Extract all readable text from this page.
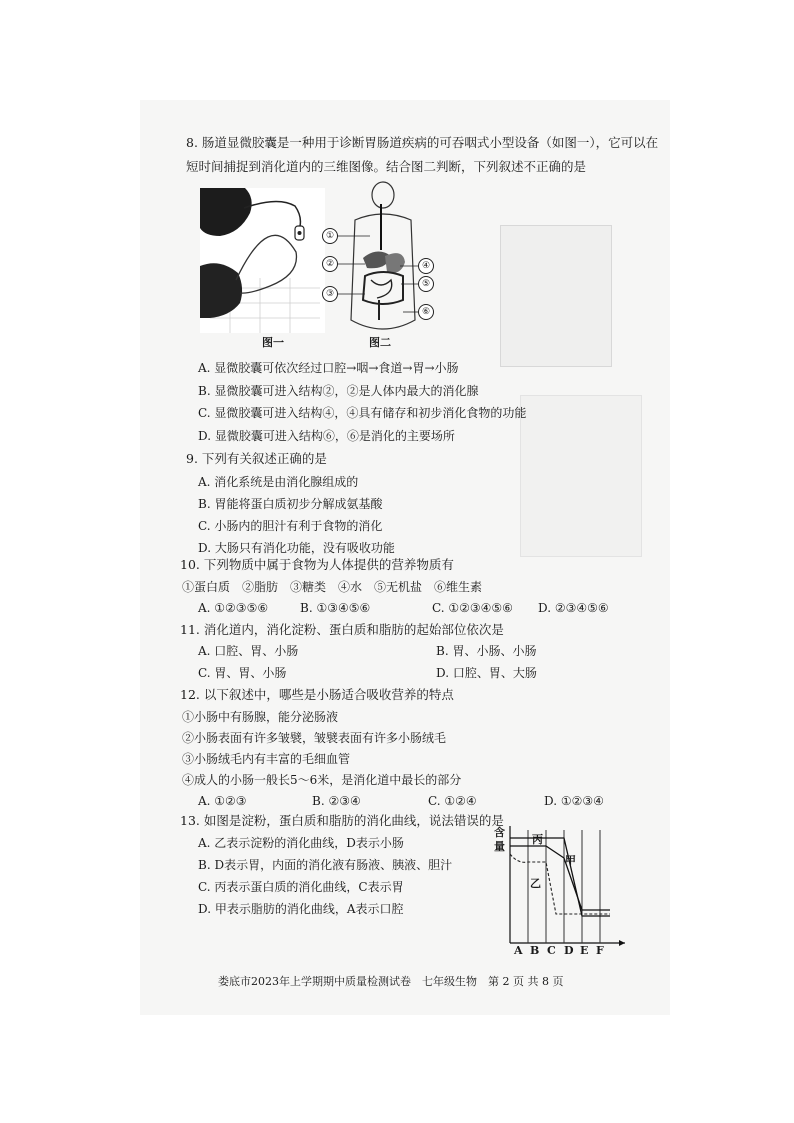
8. 肠道显微胶囊是一种用于诊断胃肠道疾病的可吞咽式小型设备（如图一），它可以在
短时间捕捉到消化道内的三维图像。结合图二判断，下列叙述不正确的是
图一
①
②
③
④
⑤
⑥
图二
A. 显微胶囊可依次经过口腔→咽→食道→胃→小肠
B. 显微胶囊可进入结构②，②是人体内最大的消化腺
C. 显微胶囊可进入结构④，④具有储存和初步消化食物的功能
D. 显微胶囊可进入结构⑥，⑥是消化的主要场所
9. 下列有关叙述正确的是
A. 消化系统是由消化腺组成的
B. 胃能将蛋白质初步分解成氨基酸
C. 小肠内的胆汁有利于食物的消化
D. 大肠只有消化功能，没有吸收功能
10. 下列物质中属于食物为人体提供的营养物质有
①蛋白质　②脂肪　③糖类　④水　⑤无机盐　⑥维生素
A. ①②③⑤⑥	B. ①③④⑤⑥	C. ①②③④⑤⑥ D. ②③④⑤⑥
11. 消化道内，消化淀粉、蛋白质和脂肪的起始部位依次是
A. 口腔、胃、小肠	B. 胃、小肠、小肠
C. 胃、胃、小肠	D. 口腔、胃、大肠
12. 以下叙述中，哪些是小肠适合吸收营养的特点
①小肠中有肠腺，能分泌肠液
②小肠表面有许多皱襞，皱襞表面有许多小肠绒毛
③小肠绒毛内有丰富的毛细血管
④成人的小肠一般长5～6米，是消化道中最长的部分
A. ①②③	B. ②③④	C. ①②④	D. ①②③④
13. 如图是淀粉，蛋白质和脂肪的消化曲线，说法错误的是
A. 乙表示淀粉的消化曲线，D表示小肠
B. D表示胃，内面的消化液有肠液、胰液、胆汁
C. 丙表示蛋白质的消化曲线，C表示胃
D. 甲表示脂肪的消化曲线，A表示口腔
含
量
丙
乙
甲
A B C D E F
娄底市2023年上学期期中质量检测试卷　七年级生物　第 2 页 共 8 页
